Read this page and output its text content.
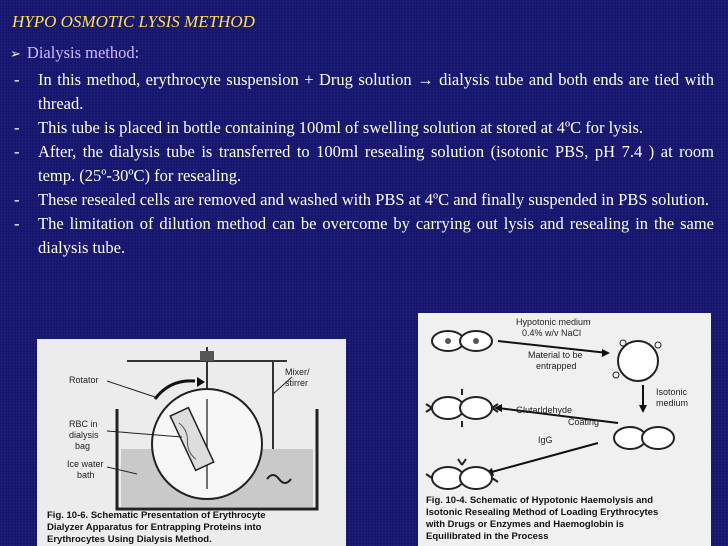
HYPO OSMOTIC LYSIS METHOD
➢ Dialysis method:
- In this method, erythrocyte suspension + Drug solution → dialysis tube and both ends are tied with thread.
- This tube is placed in bottle containing 100ml of swelling solution at stored at 4ºC for lysis.
- After, the dialysis tube is transferred to 100ml resealing solution (isotonic PBS, pH 7.4 ) at room temp. (25º-30ºC) for resealing.
- These resealed cells are removed and washed with PBS at 4ºC and finally suspended in PBS solution.
- The limitation of dilution method can be overcome by carrying out lysis and resealing in the same dialysis tube.
Rotator
Mixer/
stirrer
RBC in
dialysis
bag
Ice water
bath
Fig. 10-6. Schematic Presentation of Erythrocyte
Dialyzer Apparatus for Entrapping Proteins into
Erythrocytes Using Dialysis Method.
Hypotonic medium
0.4% w/v NaCl
Material to be
entrapped
Isotonic
medium
Glutarldehyde
Coating
IgG
Fig. 10-4. Schematic of Hypotonic Haemolysis and
Isotonic Resealing Method of Loading Erythrocytes
with Drugs or Enzymes and Haemoglobin is
Equilibrated in the Process
